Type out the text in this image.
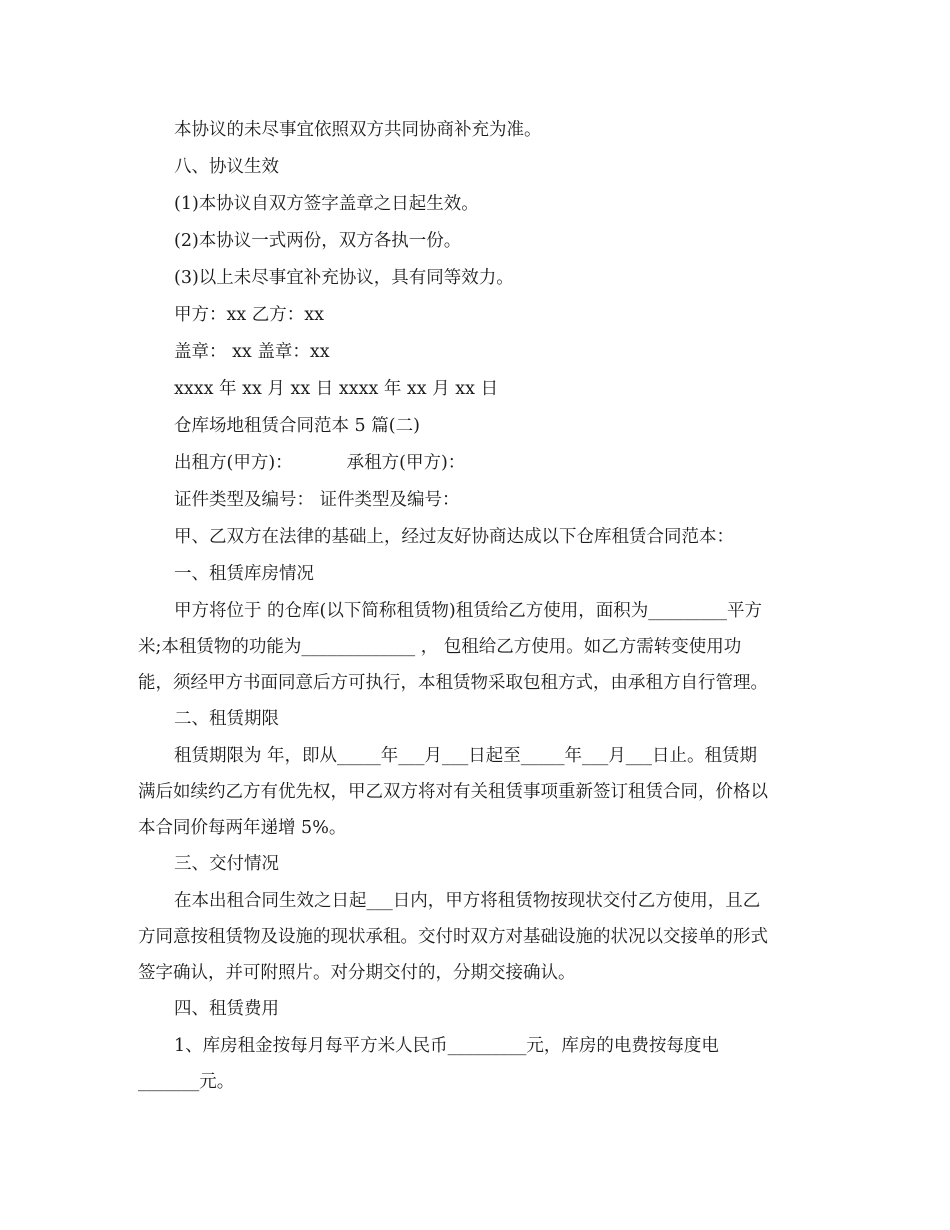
本协议的未尽事宜依照双方共同协商补充为准。
八、协议生效
(1)本协议自双方签字盖章之日起生效。
(2)本协议一式两份，双方各执一份。
(3)以上未尽事宜补充协议，具有同等效力。
甲方：xx 乙方：xx
盖章： xx 盖章：xx
xxxx 年 xx 月 xx 日 xxxx 年 xx 月 xx 日
仓库场地租赁合同范本 5 篇(二)
出租方(甲方)：	承租方(甲方)：
证件类型及编号： 证件类型及编号：
甲、乙双方在法律的基础上，经过友好协商达成以下仓库租赁合同范本：
一、租赁库房情况
甲方将位于 的仓库(以下简称租赁物)租赁给乙方使用，面积为_________平方
米;本租赁物的功能为_____________ ， 包租给乙方使用。如乙方需转变使用功
能，须经甲方书面同意后方可执行，本租赁物采取包租方式，由承租方自行管理。
二、租赁期限
租赁期限为 年，即从_____年___月___日起至_____年___月___日止。租赁期
满后如续约乙方有优先权，甲乙双方将对有关租赁事项重新签订租赁合同，价格以
本合同价每两年递增 5%。
三、交付情况
在本出租合同生效之日起___日内，甲方将租赁物按现状交付乙方使用，且乙
方同意按租赁物及设施的现状承租。交付时双方对基础设施的状况以交接单的形式
签字确认，并可附照片。对分期交付的，分期交接确认。
四、租赁费用
1、库房租金按每月每平方米人民币_________元，库房的电费按每度电
_______元。
